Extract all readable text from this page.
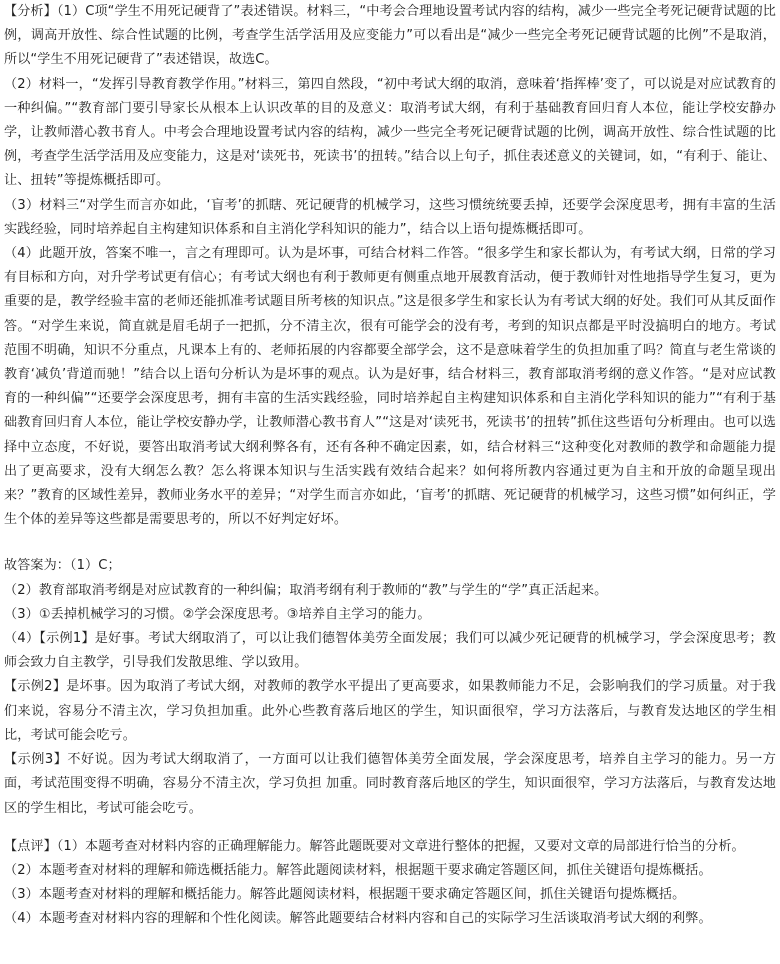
【分析】（1）C项“学生不用死记硬背了”表述错误。材料三，“中考会合理地设置考试内容的结构，减少一些完全考死记硬背试题的比例，调高开放性、综合性试题的比例，考查学生活学活用及应变能力”可以看出是“减少一些完全考死记硬背试题的比例”不是取消，所以“学生不用死记硬背了”表述错误，故选C。

（2）材料一，“发挥引导教育教学作用。”材料三，第四自然段，“初中考试大纲的取消，意味着‘指挥棒’变了，可以说是对应试教育的一种纠偏。”“教育部门要引导家长从根本上认识改革的目的及意义：取消考试大纲，有利于基础教育回归育人本位，能让学校安静办学，让教师潜心教书育人。中考会合理地设置考试内容的结构，减少一些完全考死记硬背试题的比例，调高开放性、综合性试题的比例，考查学生活学活用及应变能力，这是对‘读死书，死读书’的扭转。”结合以上句子，抓住表述意义的关键词，如，“有利于、能让、让、扭转”等提炼概括即可。

（3）材料三“对学生而言亦如此，‘盲考’的抓瞎、死记硬背的机械学习，这些习惯统统要丢掉，还要学会深度思考，拥有丰富的生活实践经验，同时培养起自主构建知识体系和自主消化学科知识的能力”，结合以上语句提炼概括即可。

（4）此题开放，答案不唯一，言之有理即可。认为是坏事，可结合材料二作答。“很多学生和家长都认为，有考试大纲，日常的学习有目标和方向，对升学考试更有信心；有考试大纲也有利于教师更有侧重点地开展教育活动，便于教师针对性地指导学生复习，更为重要的是，教学经验丰富的老师还能抓准考试题目所考核的知识点。”这是很多学生和家长认为有考试大纲的好处。我们可从其反面作答。“对学生来说，简直就是眉毛胡子一把抓，分不清主次，很有可能学会的没有考，考到的知识点都是平时没搞明白的地方。考试范围不明确，知识不分重点，凡课本上有的、老师拓展的内容都要全部学会，这不是意味着学生的负担加重了吗？简直与老生常谈的教育‘减负’背道而驰！”结合以上语句分析认为是坏事的观点。认为是好事，结合材料三，教育部取消考纲的意义作答。“是对应试教育的一种纠偏”“还要学会深度思考，拥有丰富的生活实践经验，同时培养起自主构建知识体系和自主消化学科知识的能力”“有利于基础教育回归育人本位，能让学校安静办学，让教师潜心教书育人”“这是对‘读死书，死读书’的扭转”抓住这些语句分析理由。也可以选择中立态度，不好说，要答出取消考试大纲利弊各有，还有各种不确定因素，如，结合材料三“这种变化对教师的教学和命题能力提出了更高要求，没有大纲怎么教？怎么将课本知识与生活实践有效结合起来？如何将所教内容通过更为自主和开放的命题呈现出来？”教育的区域性差异，教师业务水平的差异；“对学生而言亦如此，‘盲考’的抓瞎、死记硬背的机械学习，这些习惯”如何纠正，学生个体的差异等这些都是需要思考的，所以不好判定好坏。

故答案为：（1）C；

（2）教育部取消考纲是对应试教育的一种纠偏；取消考纲有利于教师的“教”与学生的“学”真正活起来。

（3）①丢掉机械学习的习惯。②学会深度思考。③培养自主学习的能力。

（4）【示例1】是好事。考试大纲取消了，可以让我们德智体美劳全面发展；我们可以减少死记硬背的机械学习，学会深度思考；教师会致力自主教学，引导我们发散思维、学以致用。

【示例2】是坏事。因为取消了考试大纲，对教师的教学水平提出了更高要求，如果教师能力不足，会影响我们的学习质量。对于我们来说，容易分不清主次，学习负担加重。此外心些教育落后地区的学生，知识面很窄，学习方法落后，与教育发达地区的学生相比，考试可能会吃亏。

【示例3】不好说。因为考试大纲取消了，一方面可以让我们德智体美劳全面发展，学会深度思考，培养自主学习的能力。另一方面，考试范围变得不明确，容易分不清主次，学习负担 加重。同时教育落后地区的学生，知识面很窄，学习方法落后，与教育发达地区的学生相比，考试可能会吃亏。

【点评】（1）本题考查对材料内容的正确理解能力。解答此题既要对文章进行整体的把握，又要对文章的局部进行恰当的分析。

（2）本题考查对材料的理解和筛选概括能力。解答此题阅读材料，根据题干要求确定答题区间，抓住关键语句提炼概括。

（3）本题考查对材料的理解和概括能力。解答此题阅读材料，根据题干要求确定答题区间，抓住关键语句提炼概括。

（4）本题考查对材料内容的理解和个性化阅读。解答此题要结合材料内容和自己的实际学习生活谈取消考试大纲的利弊。
